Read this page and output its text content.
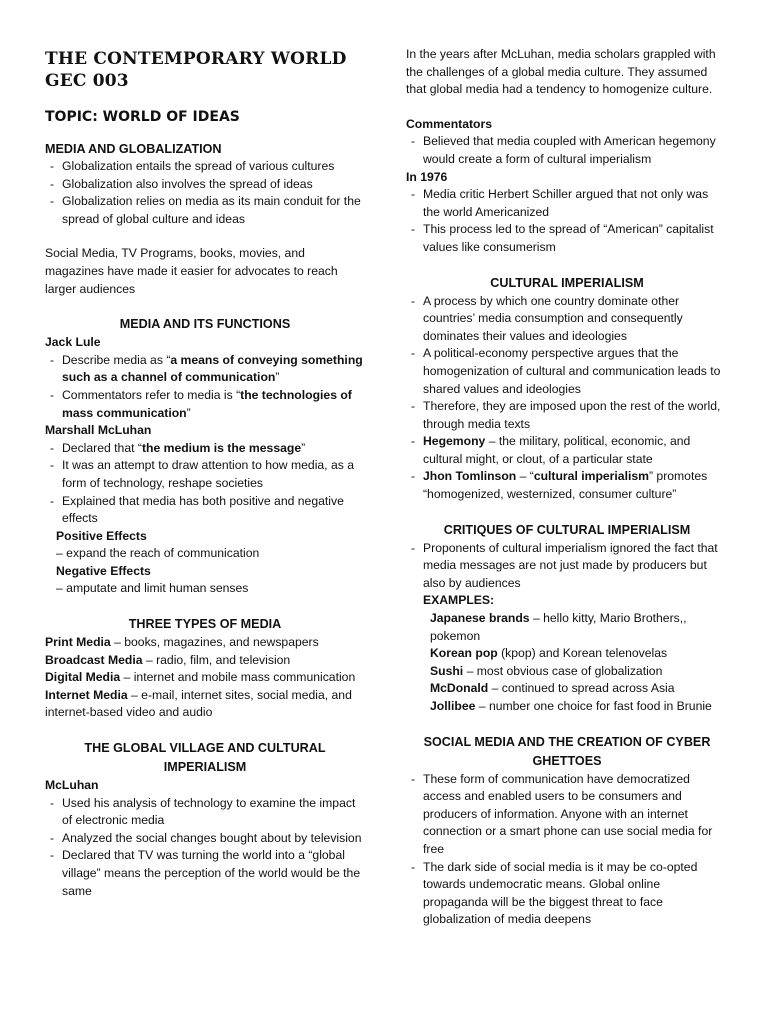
THE CONTEMPORARY WORLD
GEC 003

TOPIC: WORLD OF IDEAS

MEDIA AND GLOBALIZATION

- Globalization entails the spread of various cultures
- Globalization also involves the spread of ideas
- Globalization relies on media as its main conduit for the spread of global culture and ideas

Social Media, TV Programs, books, movies, and magazines have made it easier for advocates to reach larger audiences

MEDIA AND ITS FUNCTIONS

Jack Lule

- Describe media as “a means of conveying something such as a channel of communication”
- Commentators refer to media is “the technologies of mass communication”

Marshall McLuhan

- Declared that “the medium is the message”
- It was an attempt to draw attention to how media, as a form of technology, reshape societies
- Explained that media has both positive and negative effects

Positive Effects

– expand the reach of communication

Negative Effects

– amputate and limit human senses

THREE TYPES OF MEDIA

Print Media – books, magazines, and newspapers

Broadcast Media – radio, film, and television

Digital Media – internet and mobile mass communication

Internet Media – e-mail, internet sites, social media, and internet-based video and audio

THE GLOBAL VILLAGE AND CULTURAL
IMPERIALISM

McLuhan

- Used his analysis of technology to examine the impact of electronic media
- Analyzed the social changes bought about by television
- Declared that TV was turning the world into a “global village” means the perception of the world would be the same

In the years after McLuhan, media scholars grappled with the challenges of a global media culture. They assumed that global media had a tendency to homogenize culture.

Commentators

- Believed that media coupled with American hegemony would create a form of cultural imperialism

In 1976

- Media critic Herbert Schiller argued that not only was the world Americanized
- This process led to the spread of “American” capitalist values like consumerism

CULTURAL IMPERIALISM

- A process by which one country dominate other countries’ media consumption and consequently dominates their values and ideologies
- A political-economy perspective argues that the homogenization of cultural and communication leads to shared values and ideologies
- Therefore, they are imposed upon the rest of the world, through media texts
- Hegemony – the military, political, economic, and cultural might, or clout, of a particular state
- Jhon Tomlinson – “cultural imperialism” promotes “homogenized, westernized, consumer culture”

CRITIQUES OF CULTURAL IMPERIALISM

- Proponents of cultural imperialism ignored the fact that media messages are not just made by producers but also by audiences

EXAMPLES:

Japanese brands – hello kitty, Mario Brothers,, pokemon

Korean pop (kpop) and Korean telenovelas

Sushi – most obvious case of globalization

McDonald – continued to spread across Asia

Jollibee – number one choice for fast food in Brunie

SOCIAL MEDIA AND THE CREATION OF CYBER
GHETTOES

- These form of communication have democratized access and enabled users to be consumers and producers of information. Anyone with an internet connection or a smart phone can use social media for free
- The dark side of social media is it may be co-opted towards undemocratic means. Global online propaganda will be the biggest threat to face globalization of media deepens
